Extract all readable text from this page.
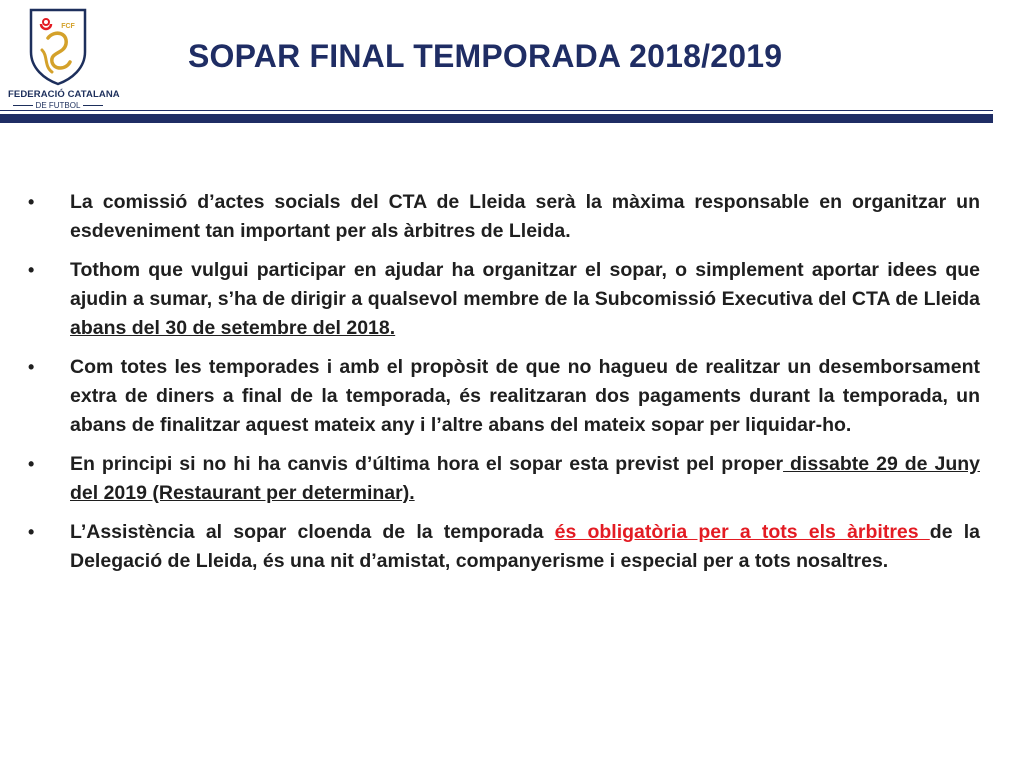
FCF
FEDERACIÓ CATALANA
DE FUTBOL
SOPAR FINAL TEMPORADA 2018/2019
• La comissió d’actes socials del CTA de Lleida serà la màxima responsable en organitzar un esdeveniment tan important per als àrbitres de Lleida.
• Tothom que vulgui participar en ajudar ha organitzar el sopar, o simplement aportar idees que ajudin a sumar, s’ha de dirigir a qualsevol membre de la Subcomissió Executiva del CTA de Lleida abans del 30 de setembre del 2018.
• Com totes les temporades i amb el propòsit de que no hagueu de realitzar un desemborsament extra de diners a final de la temporada, és realitzaran dos pagaments durant la temporada, un abans de finalitzar aquest mateix any i l’altre abans del mateix sopar per liquidar-ho.
• En principi si no hi ha canvis d’última hora el sopar esta previst pel proper dissabte 29 de Juny del 2019 (Restaurant per determinar).
• L’Assistència al sopar cloenda de la temporada és obligatòria per a tots els àrbitres de la Delegació de Lleida, és una nit d’amistat, companyerisme i especial per a tots nosaltres.
